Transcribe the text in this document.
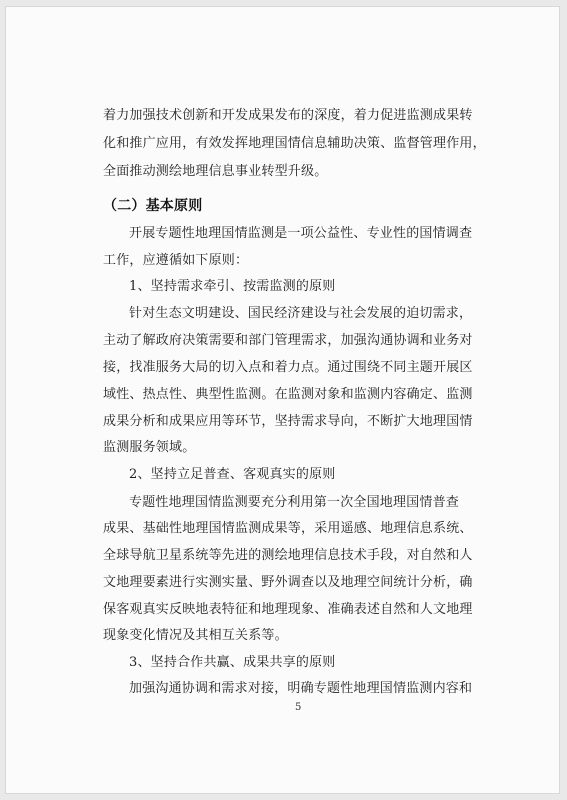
着力加强技术创新和开发成果发布的深度，着力促进监测成果转

化和推广应用，有效发挥地理国情信息辅助决策、监督管理作用，

全面推动测绘地理信息事业转型升级。

（二）基本原则

开展专题性地理国情监测是一项公益性、专业性的国情调查

工作，应遵循如下原则：

1、坚持需求牵引、按需监测的原则

针对生态文明建设、国民经济建设与社会发展的迫切需求，

主动了解政府决策需要和部门管理需求，加强沟通协调和业务对

接，找准服务大局的切入点和着力点。通过围绕不同主题开展区

域性、热点性、典型性监测。在监测对象和监测内容确定、监测

成果分析和成果应用等环节，坚持需求导向，不断扩大地理国情

监测服务领域。

2、坚持立足普查、客观真实的原则

专题性地理国情监测要充分利用第一次全国地理国情普查

成果、基础性地理国情监测成果等，采用遥感、地理信息系统、

全球导航卫星系统等先进的测绘地理信息技术手段，对自然和人

文地理要素进行实测实量、野外调查以及地理空间统计分析，确

保客观真实反映地表特征和地理现象、准确表述自然和人文地理

现象变化情况及其相互关系等。

3、坚持合作共赢、成果共享的原则

加强沟通协调和需求对接，明确专题性地理国情监测内容和

5
